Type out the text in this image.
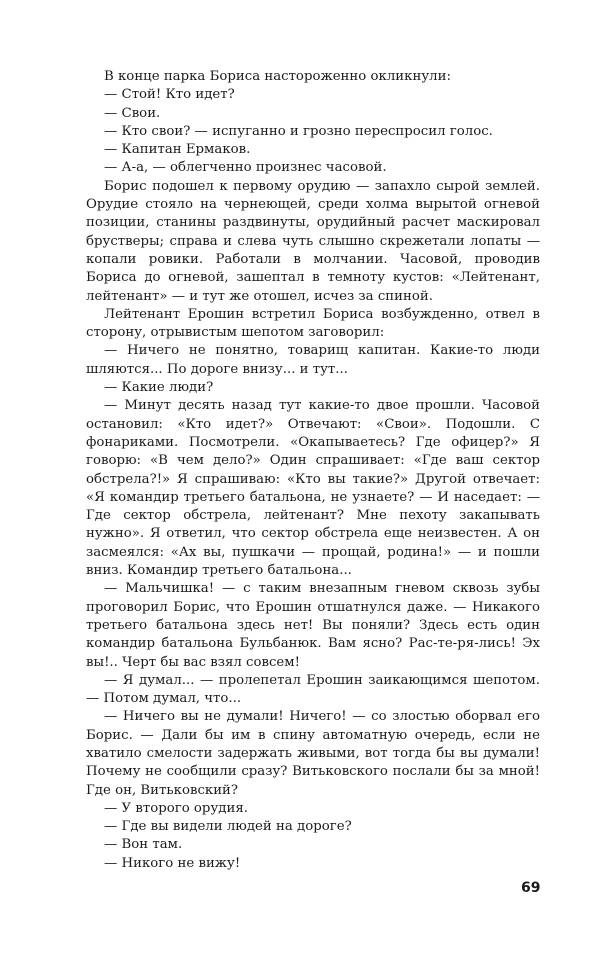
В конце парка Бориса настороженно окликнули:

— Стой! Кто идет?

— Свои.

— Кто свои? — испуганно и грозно переспросил голос.

— Капитан Ермаков.

— А-а, — облегченно произнес часовой.

Борис подошел к первому орудию — запахло сырой землей. Орудие стояло на чернеющей, среди холма вырытой огневой позиции, станины раздвинуты, орудийный расчет маскировал брустверы; справа и слева чуть слышно скрежетали лопаты — копали ровики. Работали в молчании. Часовой, проводив Бориса до огневой, зашептал в темноту кустов: «Лейтенант, лейтенант» — и тут же отошел, исчез за спиной.

Лейтенант Ерошин встретил Бориса возбужденно, отвел в сторону, отрывистым шепотом заговорил:

— Ничего не понятно, товарищ капитан. Какие-то люди шляются... По дороге внизу... и тут...

— Какие люди?

— Минут десять назад тут какие-то двое прошли. Часовой остановил: «Кто идет?» Отвечают: «Свои». Подошли. С фонариками. Посмотрели. «Окапываетесь? Где офицер?» Я говорю: «В чем дело?» Один спрашивает: «Где ваш сектор обстрела?!» Я спрашиваю: «Кто вы такие?» Другой отвечает: «Я командир третьего батальона, не узнаете? — И наседает: — Где сектор обстрела, лейтенант? Мне пехоту закапывать нужно». Я ответил, что сектор обстрела еще неизвестен. А он засмеялся: «Ах вы, пушкачи — прощай, родина!» — и пошли вниз. Командир третьего батальона...

— Мальчишка! — с таким внезапным гневом сквозь зубы проговорил Борис, что Ерошин отшатнулся даже. — Никакого третьего батальона здесь нет! Вы поняли? Здесь есть один командир батальона Бульбанюк. Вам ясно? Рас-те-ря-лись! Эх вы!.. Черт бы вас взял совсем!

— Я думал... — пролепетал Ерошин заикающимся шепотом. — Потом думал, что...

— Ничего вы не думали! Ничего! — со злостью оборвал его Борис. — Дали бы им в спину автоматную очередь, если не хватило смелости задержать живыми, вот тогда бы вы думали! Почему не сообщили сразу? Витьковского послали бы за мной! Где он, Витьковский?

— У второго орудия.

— Где вы видели людей на дороге?

— Вон там.

— Никого не вижу!

69
